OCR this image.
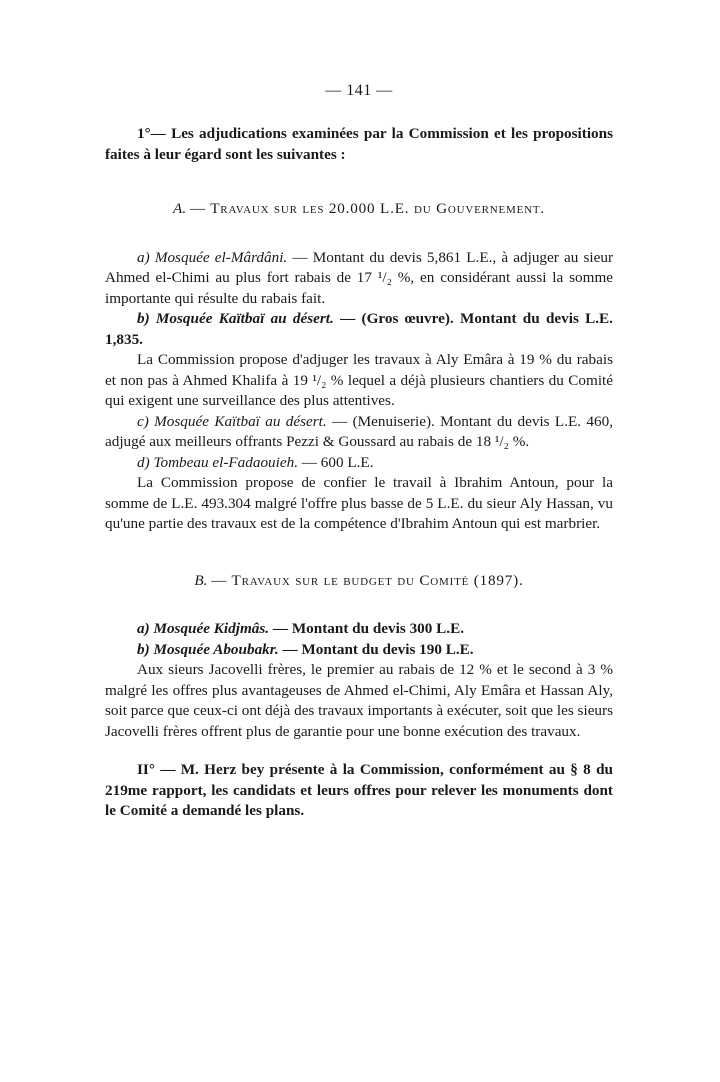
— 141 —

1°— Les adjudications examinées par la Commission et les propositions faites à leur égard sont les suivantes :

A. — Travaux sur les 20.000 L.E. du Gouvernement.

a) Mosquée el-Mârdâni. — Montant du devis 5,861 L.E., à adjuger au sieur Ahmed el-Chimi au plus fort rabais de 17 ¹/₂ %, en considérant aussi la somme importante qui résulte du rabais fait.

b) Mosquée Kaïtbaï au désert. — (Gros œuvre). Montant du devis L.E. 1,835.

La Commission propose d'adjuger les travaux à Aly Emâra à 19 % du rabais et non pas à Ahmed Khalifa à 19 ¹/₂ % lequel a déjà plusieurs chantiers du Comité qui exigent une surveillance des plus attentives.

c) Mosquée Kaïtbaï au désert. — (Menuiserie). Montant du devis L.E. 460, adjugé aux meilleurs offrants Pezzi & Goussard au rabais de 18 ¹/₂ %.

d) Tombeau el-Fadaouieh. — 600 L.E.

La Commission propose de confier le travail à Ibrahim Antoun, pour la somme de L.E. 493.304 malgré l'offre plus basse de 5 L.E. du sieur Aly Hassan, vu qu'une partie des travaux est de la compétence d'Ibrahim Antoun qui est marbrier.

B. — Travaux sur le budget du Comité (1897).

a) Mosquée Kidjmâs. — Montant du devis 300 L.E.

b) Mosquée Aboubakr. — Montant du devis 190 L.E.

Aux sieurs Jacovelli frères, le premier au rabais de 12 % et le second à 3 % malgré les offres plus avantageuses de Ahmed el-Chimi, Aly Emâra et Hassan Aly, soit parce que ceux-ci ont déjà des travaux importants à exécuter, soit que les sieurs Jacovelli frères offrent plus de garantie pour une bonne exécution des travaux.

II° — M. Herz bey présente à la Commission, conformément au § 8 du 219me rapport, les candidats et leurs offres pour relever les monuments dont le Comité a demandé les plans.
